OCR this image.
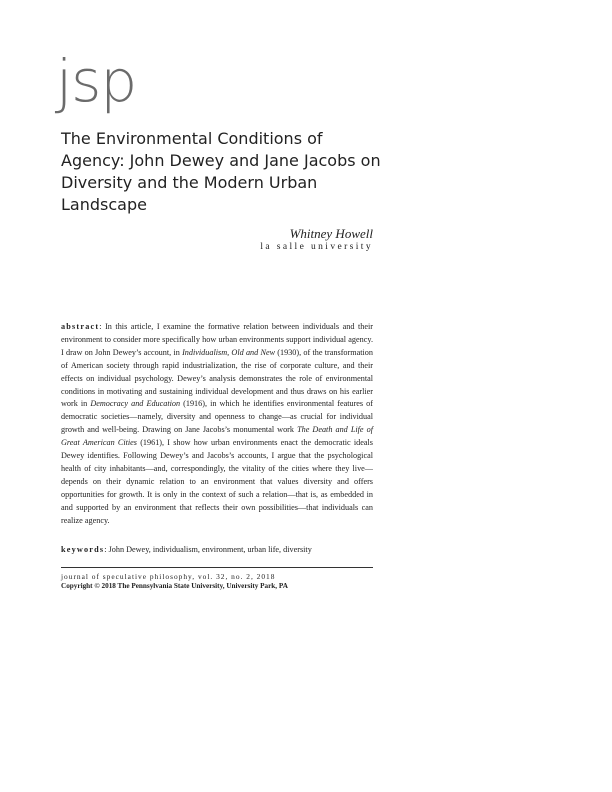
jsp
The Environmental Conditions of Agency: John Dewey and Jane Jacobs on Diversity and the Modern Urban Landscape
Whitney Howell
la salle university
abstract: In this article, I examine the formative relation between individuals and their environment to consider more specifically how urban environments support individual agency. I draw on John Dewey’s account, in Individualism, Old and New (1930), of the transformation of American society through rapid industrialization, the rise of corporate culture, and their effects on individual psychology. Dewey’s analysis demonstrates the role of environmental conditions in motivating and sustaining individual development and thus draws on his earlier work in Democracy and Education (1916), in which he identifies environmental features of democratic societies—namely, diversity and openness to change—as crucial for individual growth and well-being. Drawing on Jane Jacobs’s monumental work The Death and Life of Great American Cities (1961), I show how urban environments enact the democratic ideals Dewey identifies. Following Dewey’s and Jacobs’s accounts, I argue that the psychological health of city inhabitants—and, correspondingly, the vitality of the cities where they live—depends on their dynamic relation to an environment that values diversity and offers opportunities for growth. It is only in the context of such a relation—that is, as embedded in and supported by an environment that reflects their own possibilities—that individuals can realize agency.
keywords: John Dewey, individualism, environment, urban life, diversity
journal of speculative philosophy, vol. 32, no. 2, 2018
Copyright © 2018 The Pennsylvania State University, University Park, PA
